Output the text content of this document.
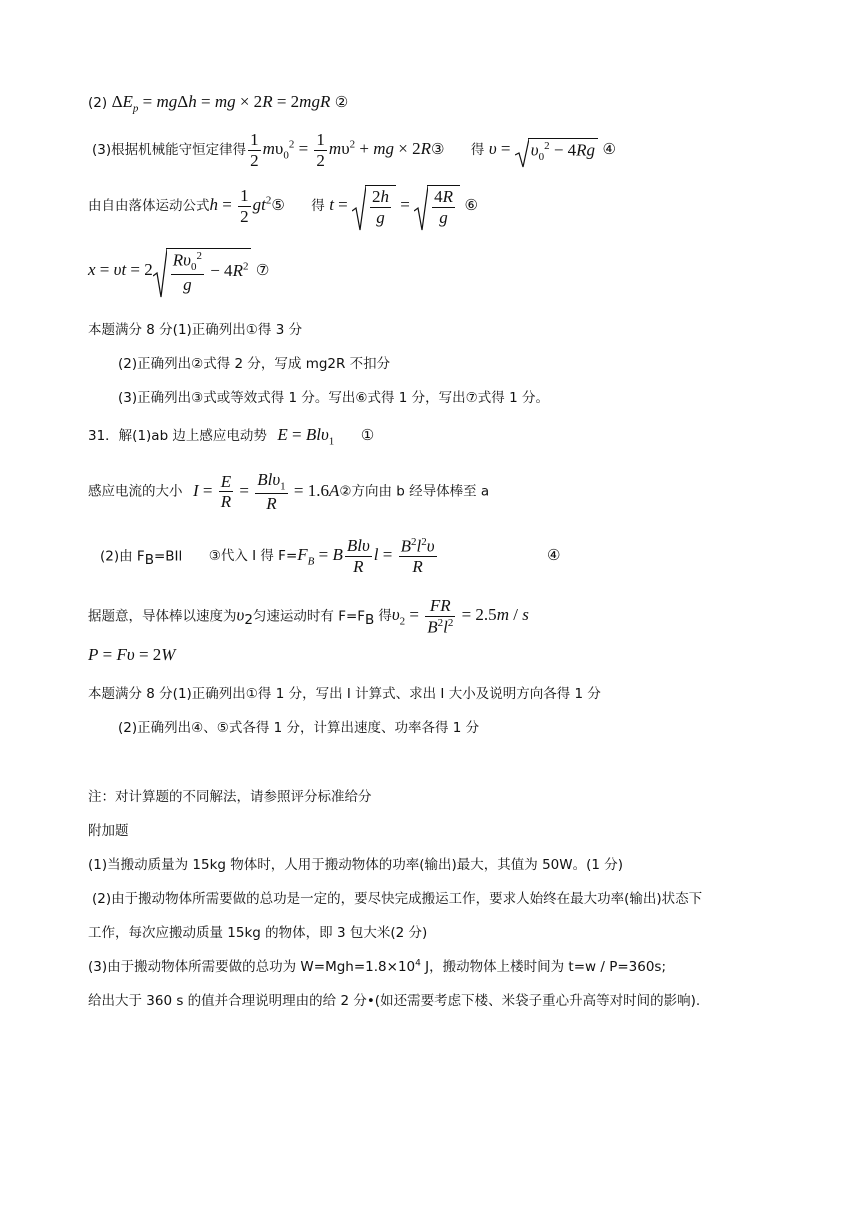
(2) $\Delta E_p = mg\Delta h$ = mg × 2R = 2mgR ②
(3)根据机械能守恒定律得 $\frac{1}{2} m\upsilon_0^2 = \frac{1}{2} m\upsilon^2$ + mg × 2R③ 得 υ =
$\upsilon_0^2 - 4Rg$ ④
由自由落体运动公式$h = \frac{1}{2}$ $gt^2⑤$ 得 $t = \frac{2h}{g} = \frac{4R}{g}$ ⑥
$x = \upsilon t = 2 \frac{R\upsilon_0^2}{g} - 4R^2$ ⑦
本题满分 8 分(1)正确列出①得 3 分
(2)正确列出②式得 2 分，写成 mg2R 不扣分
(3)正确列出③式或等效式得 1 分。写出⑥式得 1 分，写出⑦式得 1 分。
31．解(1)ab 边上感应电动势 E = Blυ$_1$ ①
感应电流的大小 $I = \frac{E}{R} = \frac{Bl\upsilon_1}{R}$ = 1.6A②方向由 b 经导体棒至 a
(2)由 $F_B=BIl$ ③代入 I 得 $F=F_B = B \frac{\text{Blυ}}{R}$ $l = \frac{B^2l^2\upsilon}{R}$	④
据题意，导体棒以速度为$\upsilon_2$匀速运动时有 $F=F_B$ 得$\upsilon_2 = \frac{FR}{B^2l^2} = 2.5m / s$
P = Fυ = 2W
本题满分 8 分(1)正确列出①得 1 分，写出 I 计算式、求出 I 大小及说明方向各得 1 分
(2)正确列出④、⑤式各得 1 分，计算出速度、功率各得 1 分
注：对计算题的不同解法，请参照评分标准给分
附加题
(1)当搬动质量为 15kg 物体时，人用于搬动物体的功率(输出)最大，其值为 50W。(1 分)
(2)由于搬动物体所需要做的总功是一定的，要尽快完成搬运工作，要求人始终在最大功率(输出)状态下
工作，每次应搬动质量 15kg 的物体，即 3 包大米(2 分)
(3)由于搬动物体所需要做的总功为 $W=Mgh=1.8\times 10^4$ J，搬动物体上楼时间为 t=w / P=360s;
给出大于 360 s 的值并合理说明理由的给 2 分•(如还需要考虑下楼、米袋子重心升高等对时间的影响).
